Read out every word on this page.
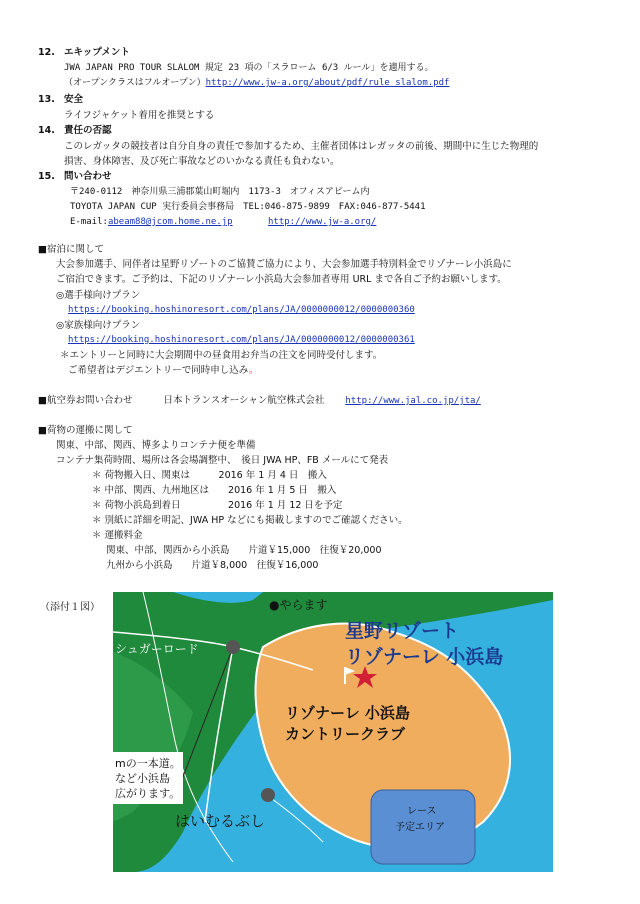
12. エキップメント
JWA JAPAN PRO TOUR SLALOM 規定 23 項の「スラローム 6/3 ルール」を適用する。
（オープンクラスはフルオープン）http://www.jw-a.org/about/pdf/rule_slalom.pdf
13. 安全
ライフジャケット着用を推奨とする
14. 責任の否認
このレガッタの競技者は自分自身の責任で参加するため、主催者団体はレガッタの前後、期間中に生じた物理的
損害、身体障害、及び死亡事故などのいかなる責任も負わない。
15. 問い合わせ
〒240-0112　神奈川県三浦郡葉山町堀内　1173-3　オフィスアピーム内
TOYOTA JAPAN CUP 実行委員会事務局　TEL:046-875-9899　FAX:046-877-5441
E-mail:abeam88@jcom.home.ne.jp	http://www.jw-a.org/
■宿泊に関して
大会参加選手、同伴者は星野リゾートのご協賛ご協力により、大会参加選手特別料金でリゾナーレ小浜島に
ご宿泊できます。ご予約は、下記のリゾナーレ小浜島大会参加者専用 URL まで各自ご予約お願いします。
◎選手様向けプラン
https://booking.hoshinoresort.com/plans/JA/0000000012/0000000360
◎家族様向けプラン
https://booking.hoshinoresort.com/plans/JA/0000000012/0000000361
＊エントリーと同時に大会期間中の昼食用お弁当の注文を同時受付します。
ご希望者はデジエントリーで同時申し込み。
■航空券お問い合わせ	日本トランスオーシャン航空株式会社 http://www.jal.co.jp/jta/
■荷物の運搬に関して
関東、中部、関西、博多よりコンテナ便を準備
コンテナ集荷時間、場所は各会場調整中、　後日 JWA HP、FB メールにて発表
＊ 荷物搬入日、関東は　　　2016 年 1 月 4 日　搬入
＊ 中部、関西、九州地区は　　2016 年 1 月 5 日　搬入
＊ 荷物小浜島到着日　　　　　2016 年 1 月 12 日を予定
＊ 別紙に詳細を明記、JWA HP などにも掲載しますのでご確認ください。
＊ 運搬料金
関東、中部、関西から小浜島　　片道￥15,000　往復￥20,000
九州から小浜島　　片道￥8,000　往復￥16,000
（添付１図）	●やらます
シュガーロード
星野リゾート
リゾナーレ 小浜島
リゾナーレ 小浜島
カントリークラブ
mの一本道。
など小浜島
広がります。
はいむるぶし
レース
予定エリア
